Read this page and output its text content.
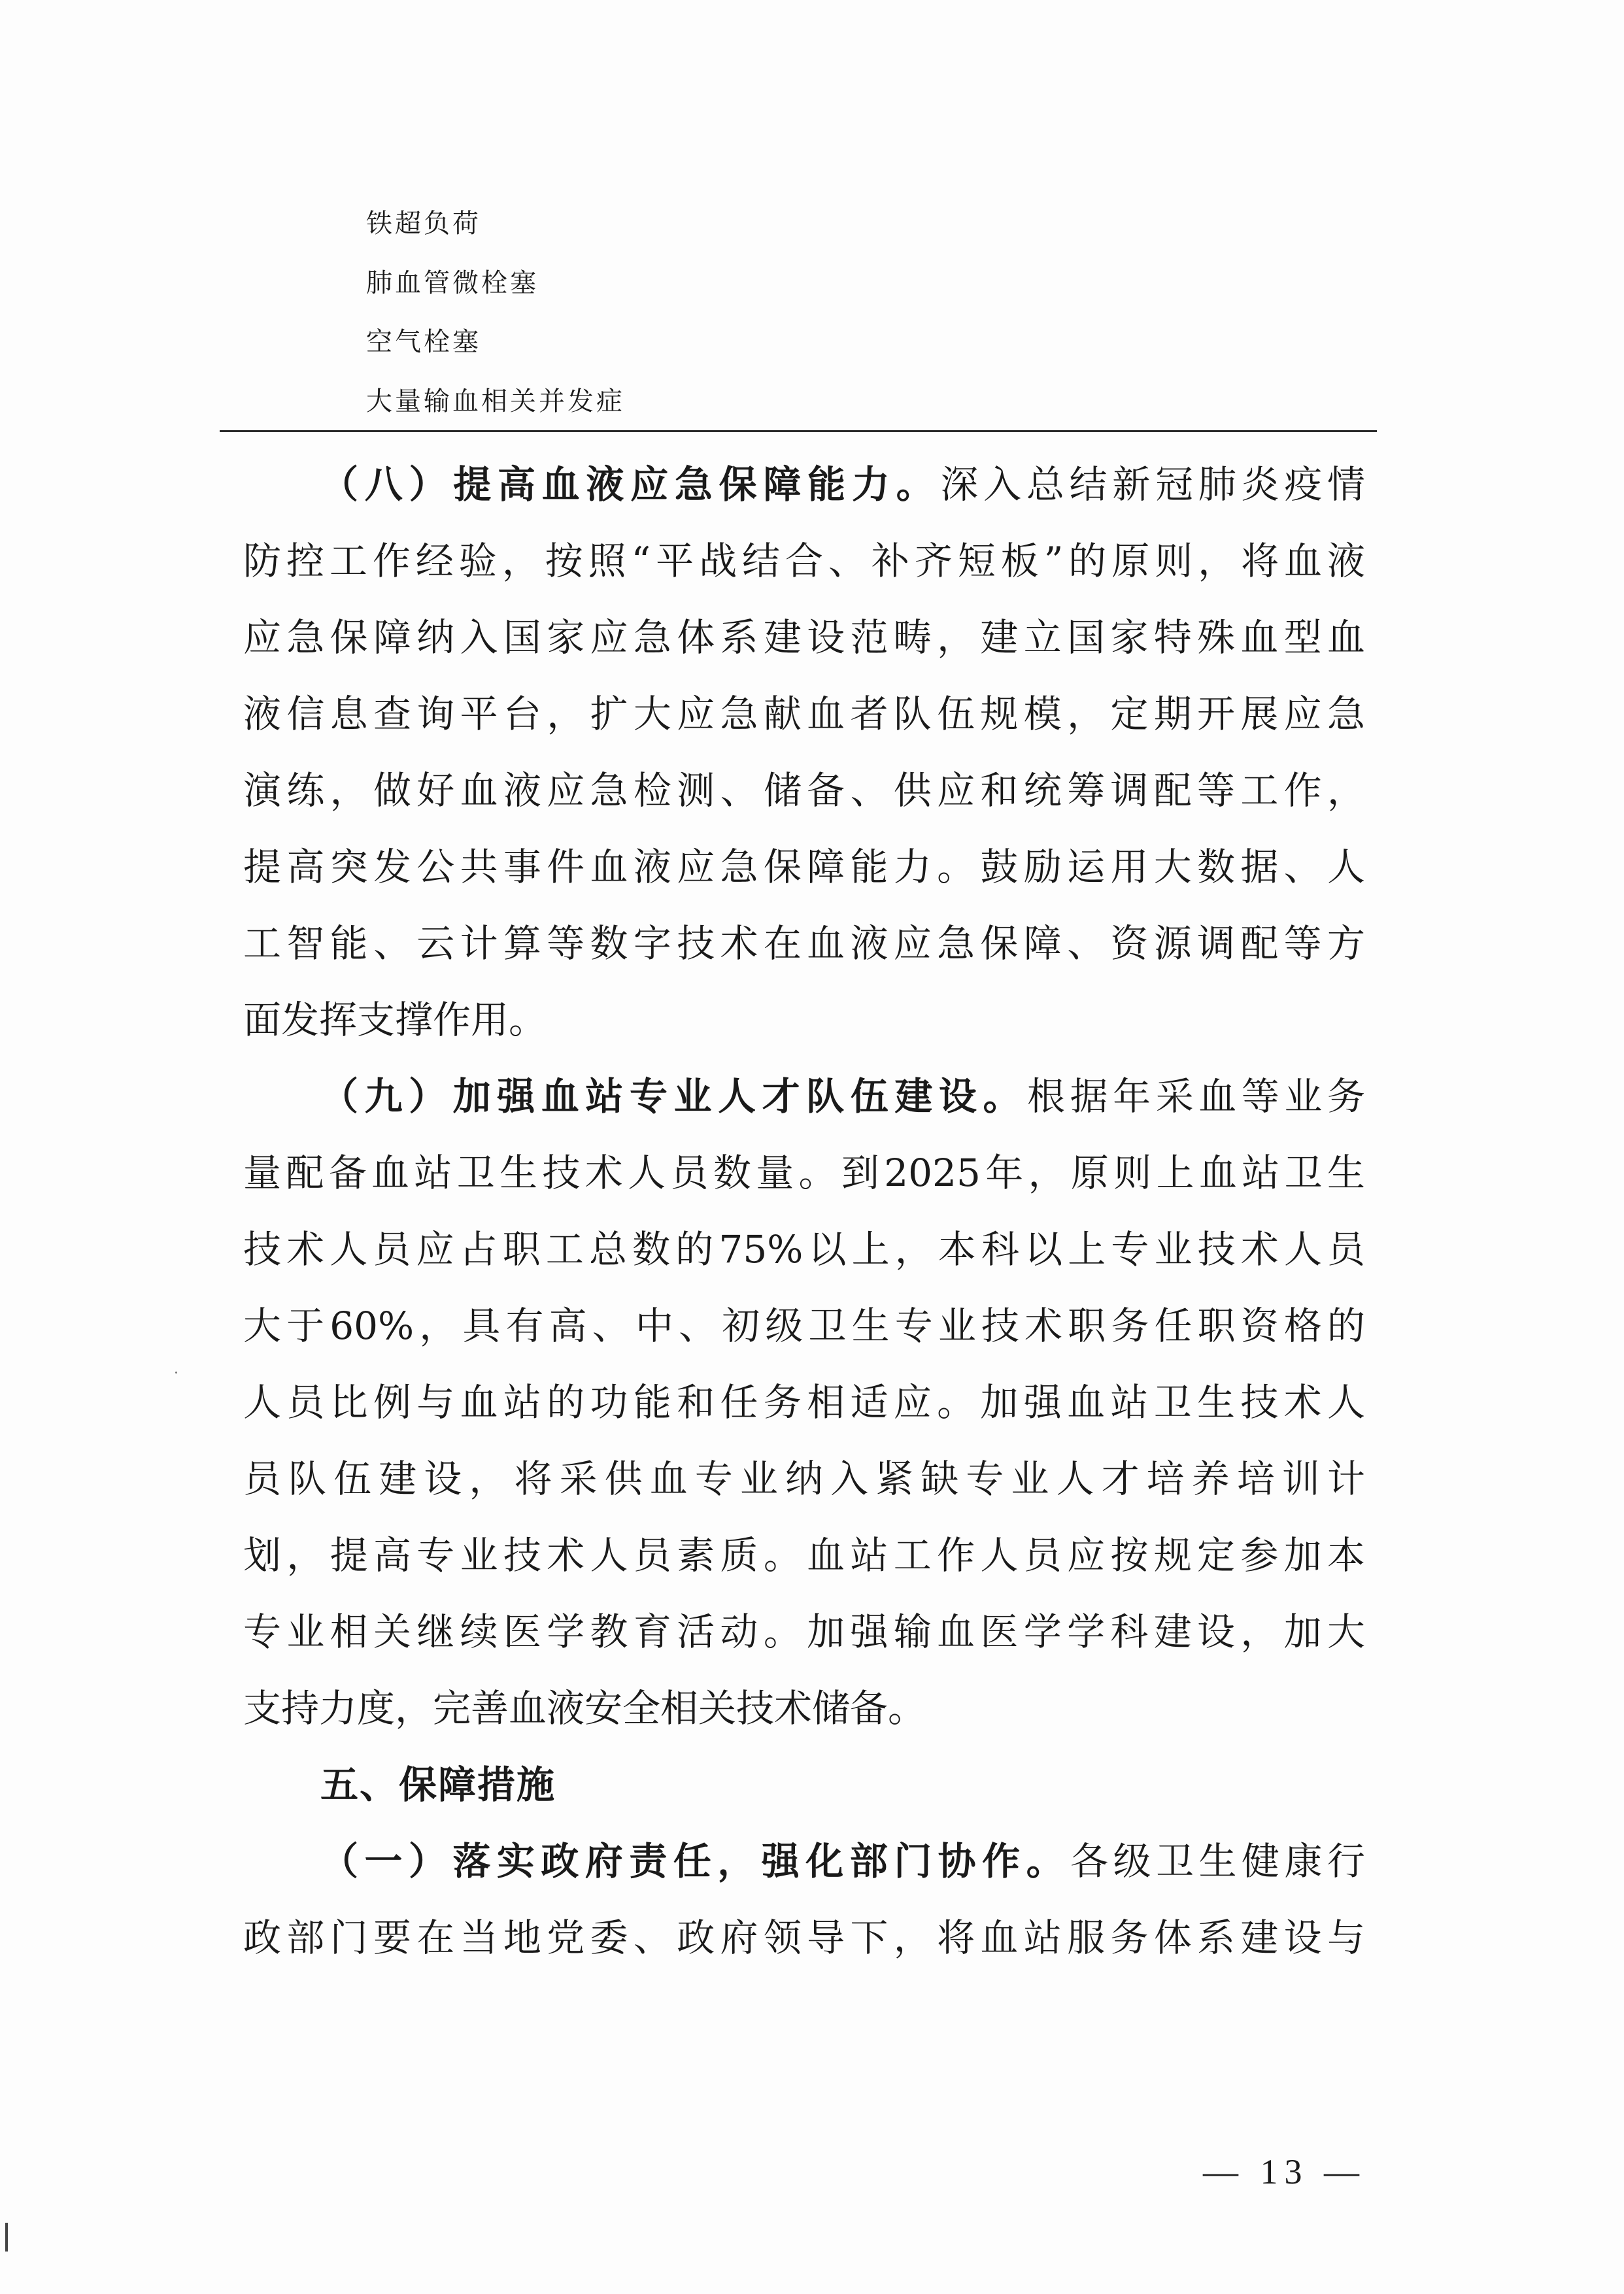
铁超负荷
肺血管微栓塞
空气栓塞
大量输血相关并发症
（八）提高血液应急保障能力。深入总结新冠肺炎疫情
防控工作经验，按照“平战结合、补齐短板”的原则，将血液
应急保障纳入国家应急体系建设范畴，建立国家特殊血型血
液信息查询平台，扩大应急献血者队伍规模，定期开展应急
演练，做好血液应急检测、储备、供应和统筹调配等工作，
提高突发公共事件血液应急保障能力。鼓励运用大数据、人
工智能、云计算等数字技术在血液应急保障、资源调配等方
面发挥支撑作用。
（九）加强血站专业人才队伍建设。根据年采血等业务
量配备血站卫生技术人员数量。到2025年，原则上血站卫生
技术人员应占职工总数的75%以上，本科以上专业技术人员
大于60%，具有高、中、初级卫生专业技术职务任职资格的
人员比例与血站的功能和任务相适应。加强血站卫生技术人
员队伍建设，将采供血专业纳入紧缺专业人才培养培训计
划，提高专业技术人员素质。血站工作人员应按规定参加本
专业相关继续医学教育活动。加强输血医学学科建设，加大
支持力度，完善血液安全相关技术储备。
五、保障措施
（一）落实政府责任，强化部门协作。各级卫生健康行
政部门要在当地党委、政府领导下，将血站服务体系建设与
— 13 —
